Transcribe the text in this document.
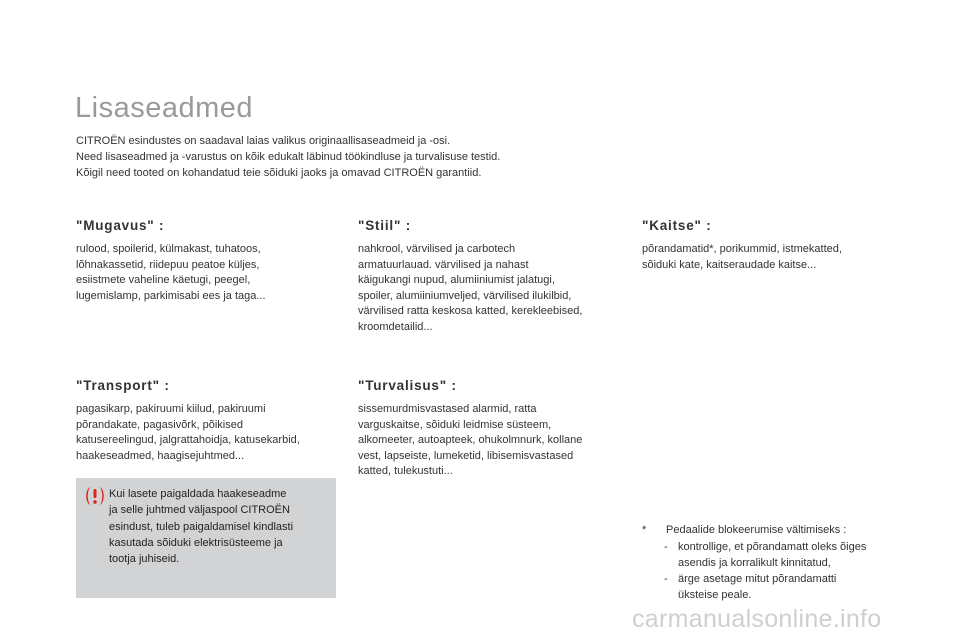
Lisaseadmed
CITROËN esindustes on saadaval laias valikus originaallisaseadmeid ja -osi.
Need lisaseadmed ja -varustus on kõik edukalt läbinud töökindluse ja turvalisuse testid.
Kõigil need tooted on kohandatud teie sõiduki jaoks ja omavad CITROËN garantiid.
"Mugavus" :

rulood, spoilerid, külmakast, tuhatoos,
lõhnakassetid, riidepuu peatoe küljes,
esiistmete vaheline käetugi, peegel,
lugemislamp, parkimisabi ees ja taga...

"Stiil" :

nahkrool, värvilised ja carbotech
armatuurlauad. värvilised ja nahast
käigukangi nupud, alumiiniumist jalatugi,
spoiler, alumiiniumveljed, värvilised ilukilbid,
värvilised ratta keskosa katted, kerekleebised,
kroomdetailid...

"Kaitse" :

põrandamatid*, porikummid, istmekatted,
sõiduki kate, kaitseraudade kaitse...

"Transport" :

pagasikarp, pakiruumi kiilud, pakiruumi
põrandakate, pagasivõrk, põikised
katusereelingud, jalgrattahoidja, katusekarbid,
haakeseadmed, haagisejuhtmed...

"Turvalisus" :

sissemurdmisvastased alarmid, ratta
varguskaitse, sõiduki leidmise süsteem,
alkomeeter, autoapteek, ohukolmnurk, kollane
vest, lapseiste, lumeketid, libisemisvastased
katted, tulekustuti...

Kui lasete paigaldada haakeseadme
ja selle juhtmed väljaspool CITROËN
esindust, tuleb paigaldamisel kindlasti
kasutada sõiduki elektrisüsteeme ja
tootja juhiseid.
* Pedaalide blokeerumise vältimiseks :
- kontrollige, et põrandamatt oleks õiges
asendis ja korralikult kinnitatud,
- ärge asetage mitut põrandamatti
üksteise peale.
carmanualsonline.info
